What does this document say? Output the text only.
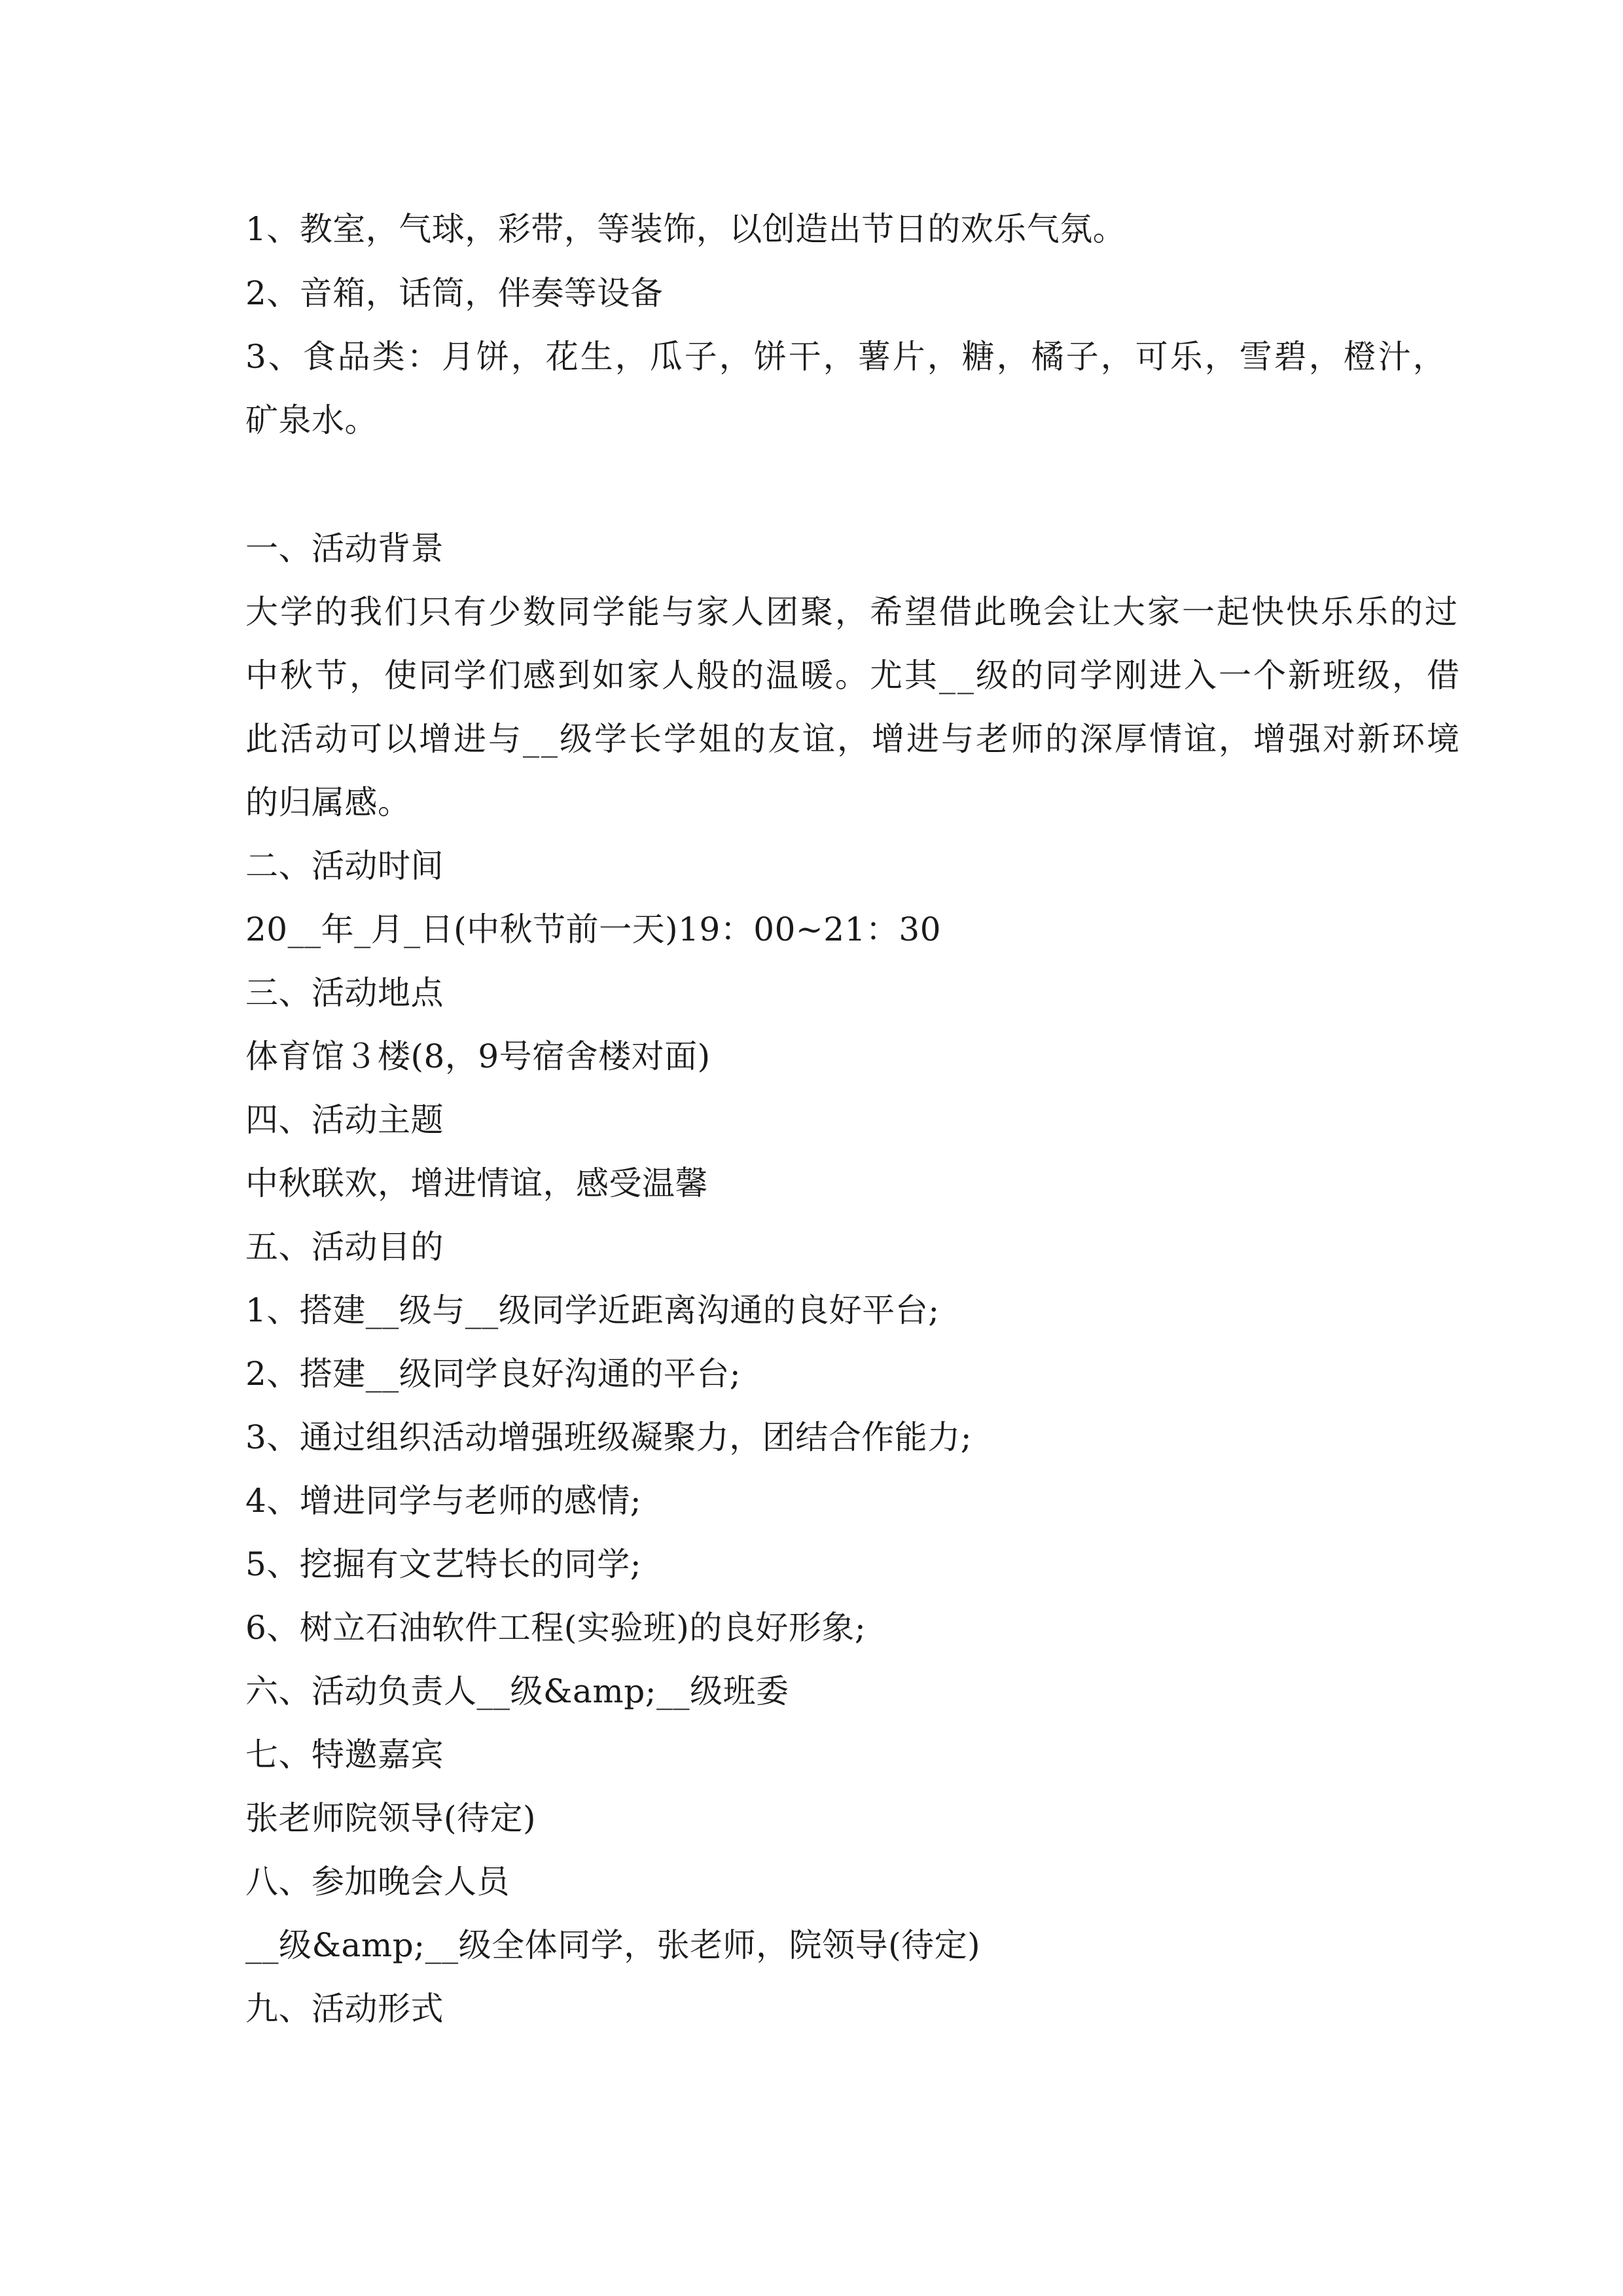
1、教室，气球，彩带，等装饰，以创造出节日的欢乐气氛。
2、音箱，话筒，伴奏等设备
3、食品类：月饼，花生，瓜子，饼干，薯片，糖，橘子，可乐，雪碧，橙汁，
矿泉水。
一、活动背景
大学的我们只有少数同学能与家人团聚，希望借此晚会让大家一起快快乐乐的过
中秋节，使同学们感到如家人般的温暖。尤其__级的同学刚进入一个新班级，借
此活动可以增进与__级学长学姐的友谊，增进与老师的深厚情谊，增强对新环境
的归属感。
二、活动时间
20__年_月_日(中秋节前一天)19：00~21：30
三、活动地点
体育馆３楼(8，9号宿舍楼对面)
四、活动主题
中秋联欢，增进情谊，感受温馨
五、活动目的
1、搭建__级与__级同学近距离沟通的良好平台;
2、搭建__级同学良好沟通的平台;
3、通过组织活动增强班级凝聚力，团结合作能力;
4、增进同学与老师的感情;
5、挖掘有文艺特长的同学;
6、树立石油软件工程(实验班)的良好形象;
六、活动负责人__级&amp;__级班委
七、特邀嘉宾
张老师院领导(待定)
八、参加晚会人员
__级&amp;__级全体同学，张老师，院领导(待定)
九、活动形式
